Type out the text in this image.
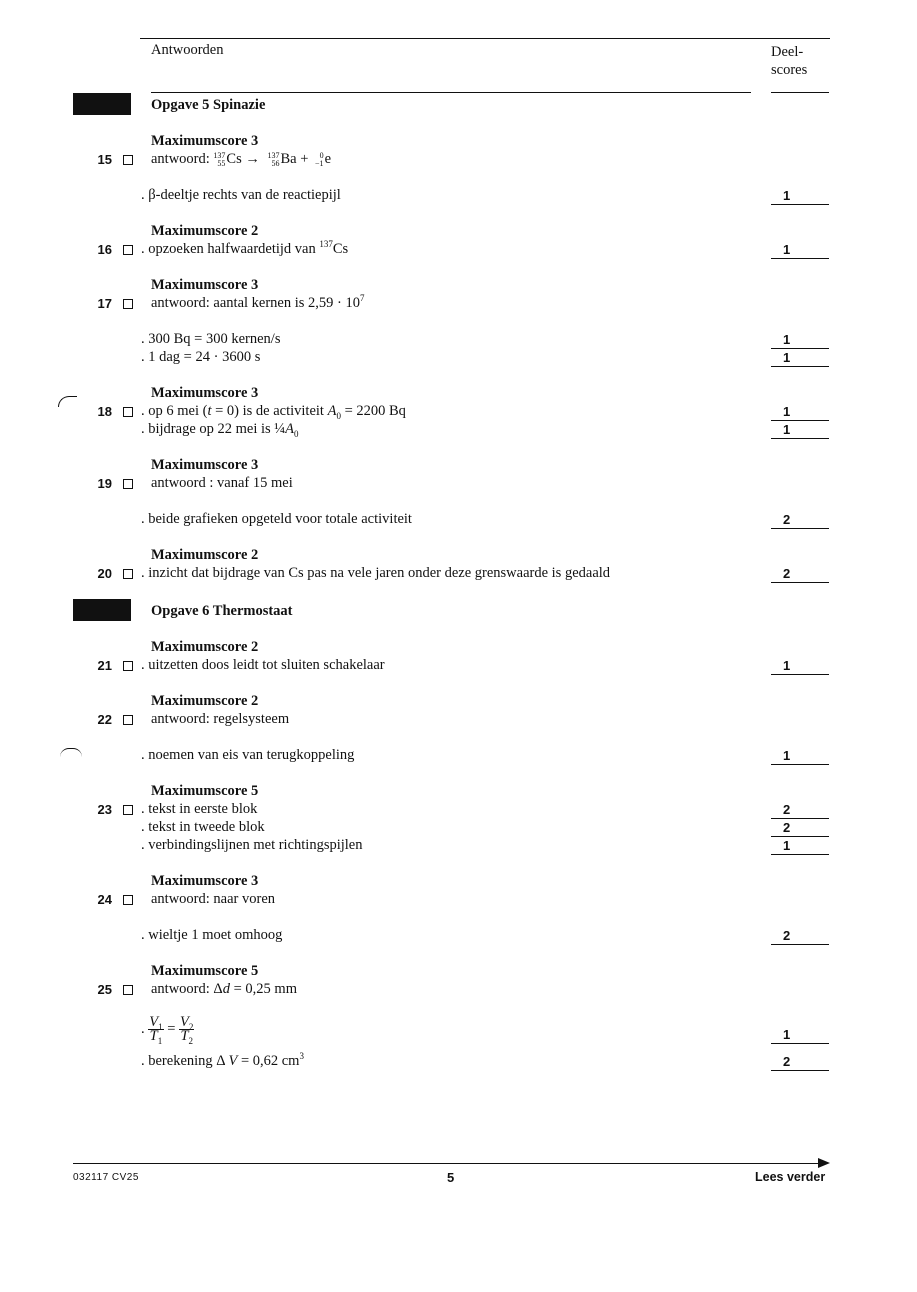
Antwoorden	Deel-
scores
Opgave 5 Spinazie
Maximumscore 3
15	antwoord: 137
55Cs → 137
56Ba + 0
−1e
. β-deeltje rechts van de reactiepijl	1
Maximumscore 2
16 . opzoeken halfwaardetijd van $^{137}$Cs	1
Maximumscore 3
17	antwoord: aantal kernen is $2,59 \cdot 10^7$
. 300 Bq = 300 kernen/s	1
. 1 dag = 24 · 3600 s	1
Maximumscore 3
18 . op 6 mei (t = 0) is de activiteit $A_0 = 2200$ Bq	1
. bijdrage op 22 mei is $\frac{1}{4}A_0$	1
Maximumscore 3
19	antwoord : vanaf 15 mei
. beide grafieken opgeteld voor totale activiteit	2
Maximumscore 2
20 . inzicht dat bijdrage van Cs pas na vele jaren onder deze grenswaarde is gedaald	2
Opgave 6 Thermostaat
Maximumscore 2
21 . uitzetten doos leidt tot sluiten schakelaar	1
Maximumscore 2
22	antwoord: regelsysteem
. noemen van eis van terugkoppeling	1
Maximumscore 5
23 . tekst in eerste blok	2
. tekst in tweede blok	2
. verbindingslijnen met richtingspijlen	1
Maximumscore 3
24	antwoord: naar voren
. wieltje 1 moet omhoog	2
Maximumscore 5
25	antwoord: Δd = 0,25 mm
. $\frac{V_1}{T_1} = \frac{V_2}{T_2}$	1
. berekening Δ V = 0,62 $cm^3$	2
032117 CV25	5	Lees verder
